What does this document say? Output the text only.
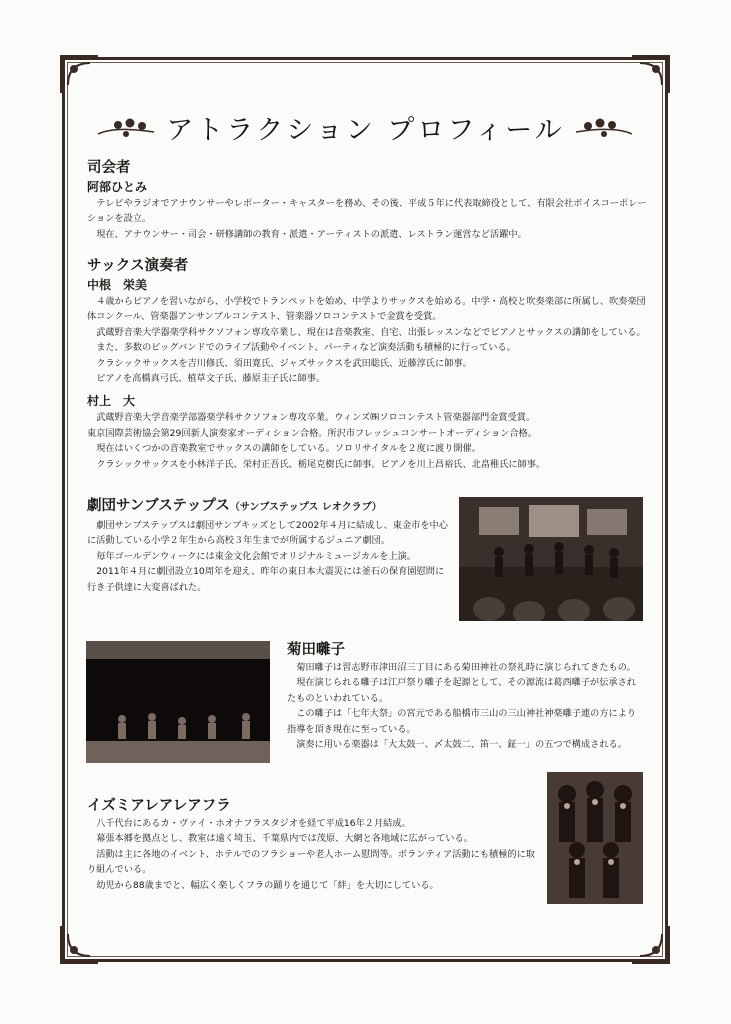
アトラクション プロフィール

司会者

阿部ひとみ

テレビやラジオでアナウンサーやレポーター・キャスターを務め、その後、平成５年に代表取締役として、有限会社ボイスコーポレーションを設立。

現在、アナウンサー・司会・研修講師の教育・派遣・アーティストの派遣、レストラン運営など活躍中。

サックス演奏者

中根　栄美

４歳からピアノを習いながら、小学校でトランペットを始め、中学よりサックスを始める。中学・高校と吹奏楽部に所属し、吹奏楽団体コンクール、管楽器アンサンブルコンテスト、管楽器ソロコンテストで金賞を受賞。

武蔵野音楽大学器楽学科サクソフォン専攻卒業し、現在は音楽教室、自宅、出張レッスンなどでピアノとサックスの講師をしている。

また、多数のビッグバンドでのライブ活動やイベント、パーティなど演奏活動も積極的に行っている。

クラシックサックスを吉川修氏、須田寛氏、ジャズサックスを武田聡氏、近藤淳氏に師事。

ピアノを高橋真弓氏、植草文子氏、藤原圭子氏に師事。

村上　大

武蔵野音楽大学音楽学部器楽学科サクソフォン専攻卒業。ウィンズ㈱ソロコンテスト管楽器部門金賞受賞。

東京国際芸術協会第29回新人演奏家オーディション合格。所沢市フレッシュコンサートオーディション合格。

現在はいくつかの音楽教室でサックスの講師をしている。ソロリサイタルを２度に渡り開催。

クラシックサックスを小林洋子氏、栄村正吾氏、栃尾克樹氏に師事。ピアノを川上昌裕氏、北畠稚氏に師事。

劇団サンブステップス（サンブステップス レオクラブ）

劇団サンブステップスは劇団サンブキッズとして2002年４月に結成し、東金市を中心に活動している小学２年生から高校３年生までが所属するジュニア劇団。

毎年ゴールデンウィークには東金文化会館でオリジナルミュージカルを上演。

2011年４月に劇団設立10周年を迎え、昨年の東日本大震災には釜石の保育園慰問に行き子供達に大変喜ばれた。

菊田囃子

菊田囃子は習志野市津田沼三丁目にある菊田神社の祭礼時に演じられてきたもの。

現在演じられる囃子は江戸祭り囃子を起源として、その源流は葛西囃子が伝承されたものといわれている。

この囃子は「七年大祭」の宮元である船橋市三山の三山神社神楽囃子連の方により指導を頂き現在に至っている。

演奏に用いる楽器は「大太鼓一、〆太鼓二、笛一、鉦一」の五つで構成される。

イズミアレアレアフラ

八千代台にあるカ・ヴァイ・ホオナフラスタジオを経て平成16年２月結成。

幕張本郷を拠点とし、教室は遠く埼玉、千葉県内では茂原、大網と各地域に広がっている。

活動は主に各地のイベント、ホテルでのフラショーや老人ホーム慰問等。ボランティア活動にも積極的に取り組んでいる。

幼児から88歳までと、幅広く楽しくフラの踊りを通じて「絆」を大切にしている。
